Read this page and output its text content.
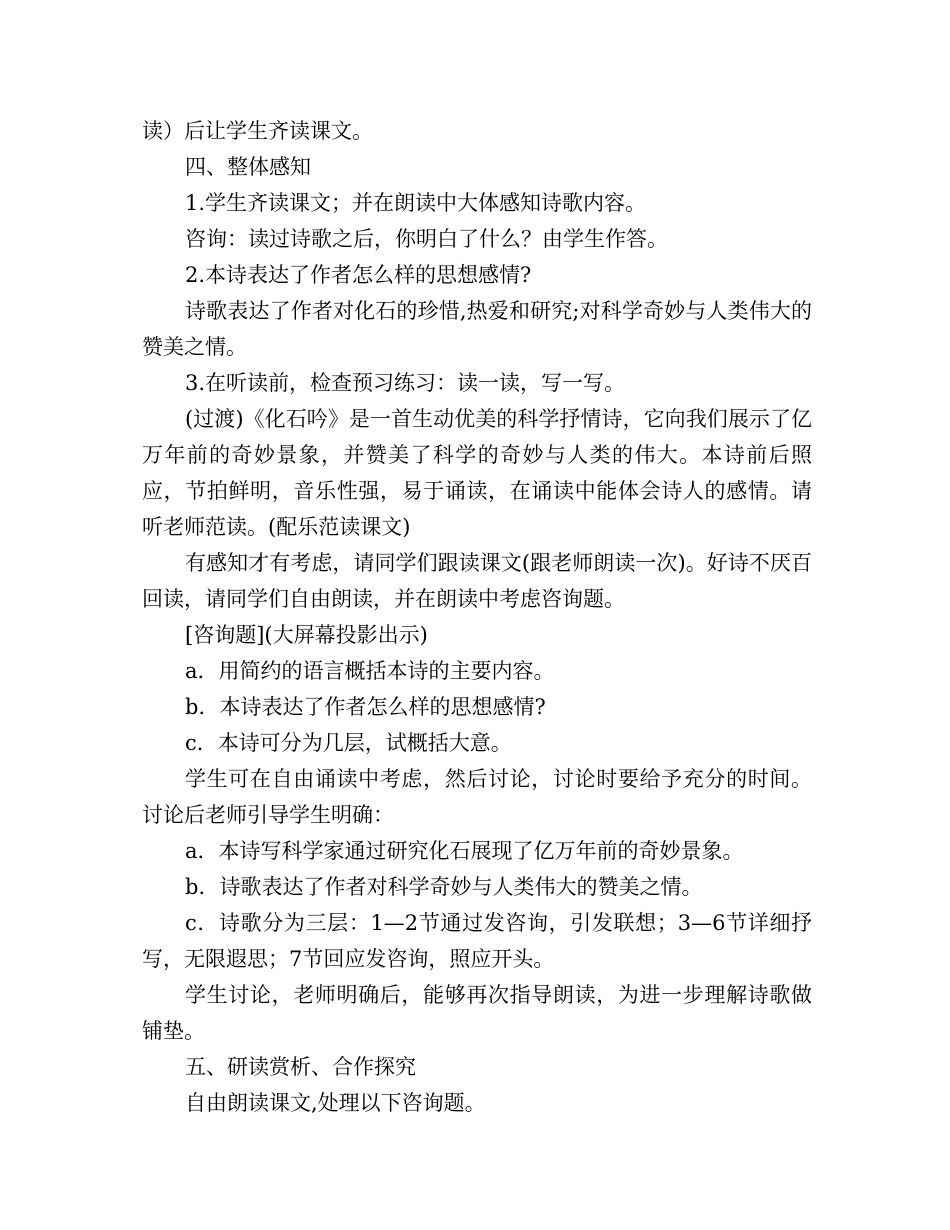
读）后让学生齐读课文。

四、整体感知

1.学生齐读课文；并在朗读中大体感知诗歌内容。

咨询：读过诗歌之后，你明白了什么？由学生作答。

2.本诗表达了作者怎么样的思想感情?

诗歌表达了作者对化石的珍惜,热爱和研究;对科学奇妙与人类伟大的赞美之情。

3.在听读前，检查预习练习：读一读，写一写。

(过渡)《化石吟》是一首生动优美的科学抒情诗，它向我们展示了亿万年前的奇妙景象，并赞美了科学的奇妙与人类的伟大。本诗前后照应，节拍鲜明，音乐性强，易于诵读，在诵读中能体会诗人的感情。请听老师范读。(配乐范读课文)

有感知才有考虑，请同学们跟读课文(跟老师朗读一次)。好诗不厌百回读，请同学们自由朗读，并在朗读中考虑咨询题。

[咨询题](大屏幕投影出示)

a．用简约的语言概括本诗的主要内容。

b．本诗表达了作者怎么样的思想感情?

c．本诗可分为几层，试概括大意。

学生可在自由诵读中考虑，然后讨论，讨论时要给予充分的时间。讨论后老师引导学生明确：

a．本诗写科学家通过研究化石展现了亿万年前的奇妙景象。

b．诗歌表达了作者对科学奇妙与人类伟大的赞美之情。

c．诗歌分为三层：1—2节通过发咨询，引发联想；3—6节详细抒写，无限遐思；7节回应发咨询，照应开头。

学生讨论，老师明确后，能够再次指导朗读，为进一步理解诗歌做铺垫。

五、研读赏析、合作探究

自由朗读课文,处理以下咨询题。
